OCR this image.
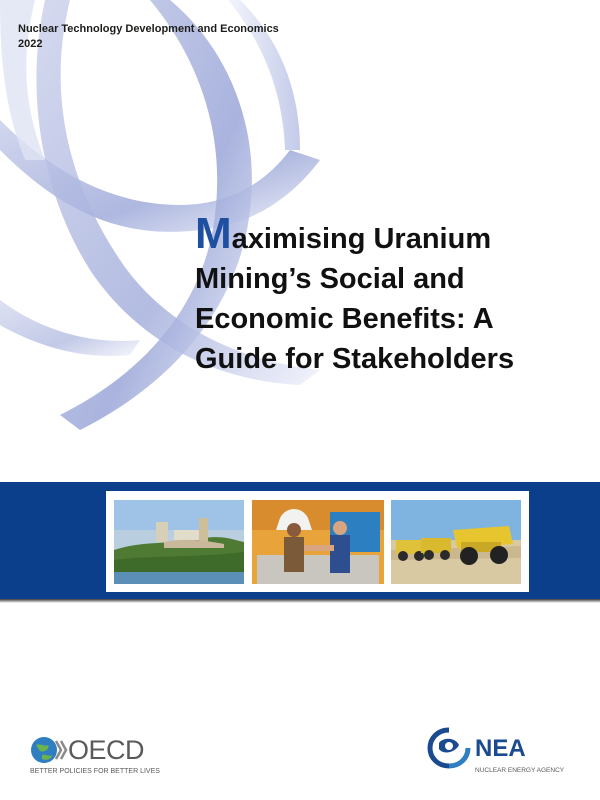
Nuclear Technology Development and Economics
2022
Maximising Uranium
Mining’s Social and
Economic Benefits: A
Guide for Stakeholders
OECD
BETTER POLICIES FOR BETTER LIVES
NEA
NUCLEAR ENERGY AGENCY
